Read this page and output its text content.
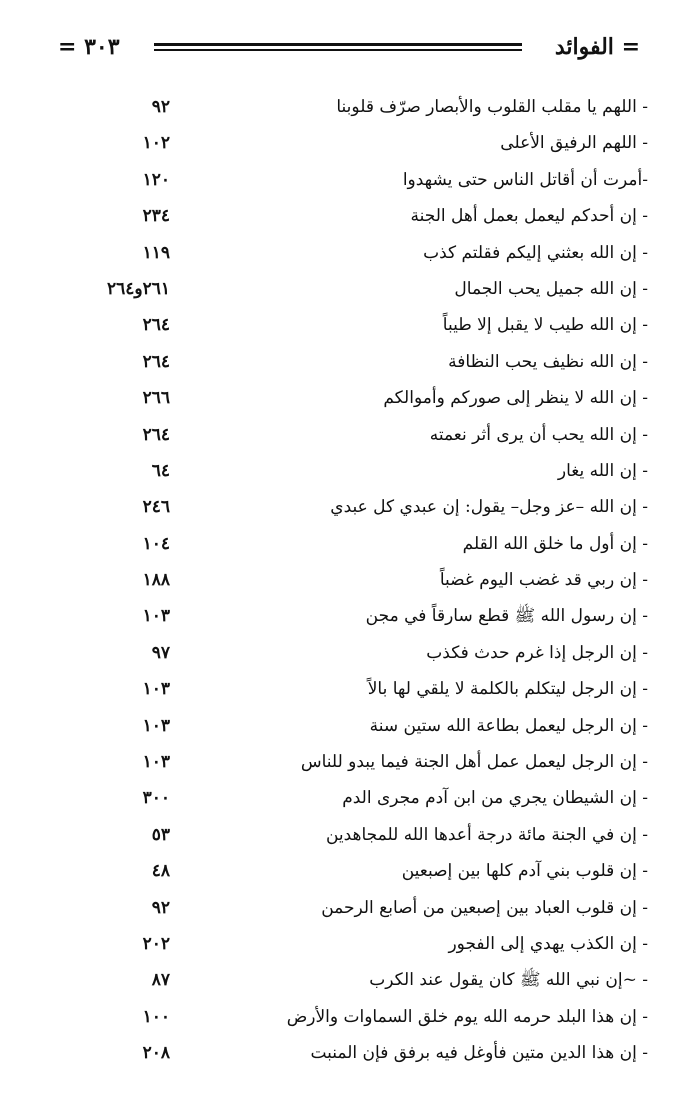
٣٠٣ =	= الفوائد
- اللهم يا مقلب القلوب والأبصار صرّف قلوبنا
٩٢
- اللهم الرفيق الأعلى
١٠٢
-أمرت أن أقاتل الناس حتى يشهدوا
١٢٠
- إن أحدكم ليعمل بعمل أهل الجنة
٢٣٤
- إن الله بعثني إليكم فقلتم كذب
١١٩
- إن الله جميل يحب الجمال
٢٦١و٢٦٤
- إن الله طيب لا يقبل إلا طيباً
٢٦٤
- إن الله نظيف يحب النظافة
٢٦٤
- إن الله لا ينظر إلى صوركم وأموالكم
٢٦٦
- إن الله يحب أن يرى أثر نعمته
٢٦٤
- إن الله يغار
٦٤
- إن الله –عز وجل– يقول: إن عبدي كل عبدي
٢٤٦
- إن أول ما خلق الله القلم
١٠٤
- إن ربي قد غضب اليوم غضباً
١٨٨
- إن رسول الله ﷺ قطع سارقاً في مجن
١٠٣
- إن الرجل إذا غرم حدث فكذب
٩٧
- إن الرجل ليتكلم بالكلمة لا يلقي لها بالاً
١٠٣
- إن الرجل ليعمل بطاعة الله ستين سنة
١٠٣
- إن الرجل ليعمل عمل أهل الجنة فيما يبدو للناس
١٠٣
- إن الشيطان يجري من ابن آدم مجرى الدم
٣٠٠
- إن في الجنة مائة درجة أعدها الله للمجاهدين
٥٣
- إن قلوب بني آدم كلها بين إصبعين
٤٨
- إن قلوب العباد بين إصبعين من أصابع الرحمن
٩٢
- إن الكذب يهدي إلى الفجور
٢٠٢
- ~إن نبي الله ﷺ كان يقول عند الكرب
٨٧
- إن هذا البلد حرمه الله يوم خلق السماوات والأرض
١٠٠
- إن هذا الدين متين فأوغل فيه برفق فإن المنبت
٢٠٨
